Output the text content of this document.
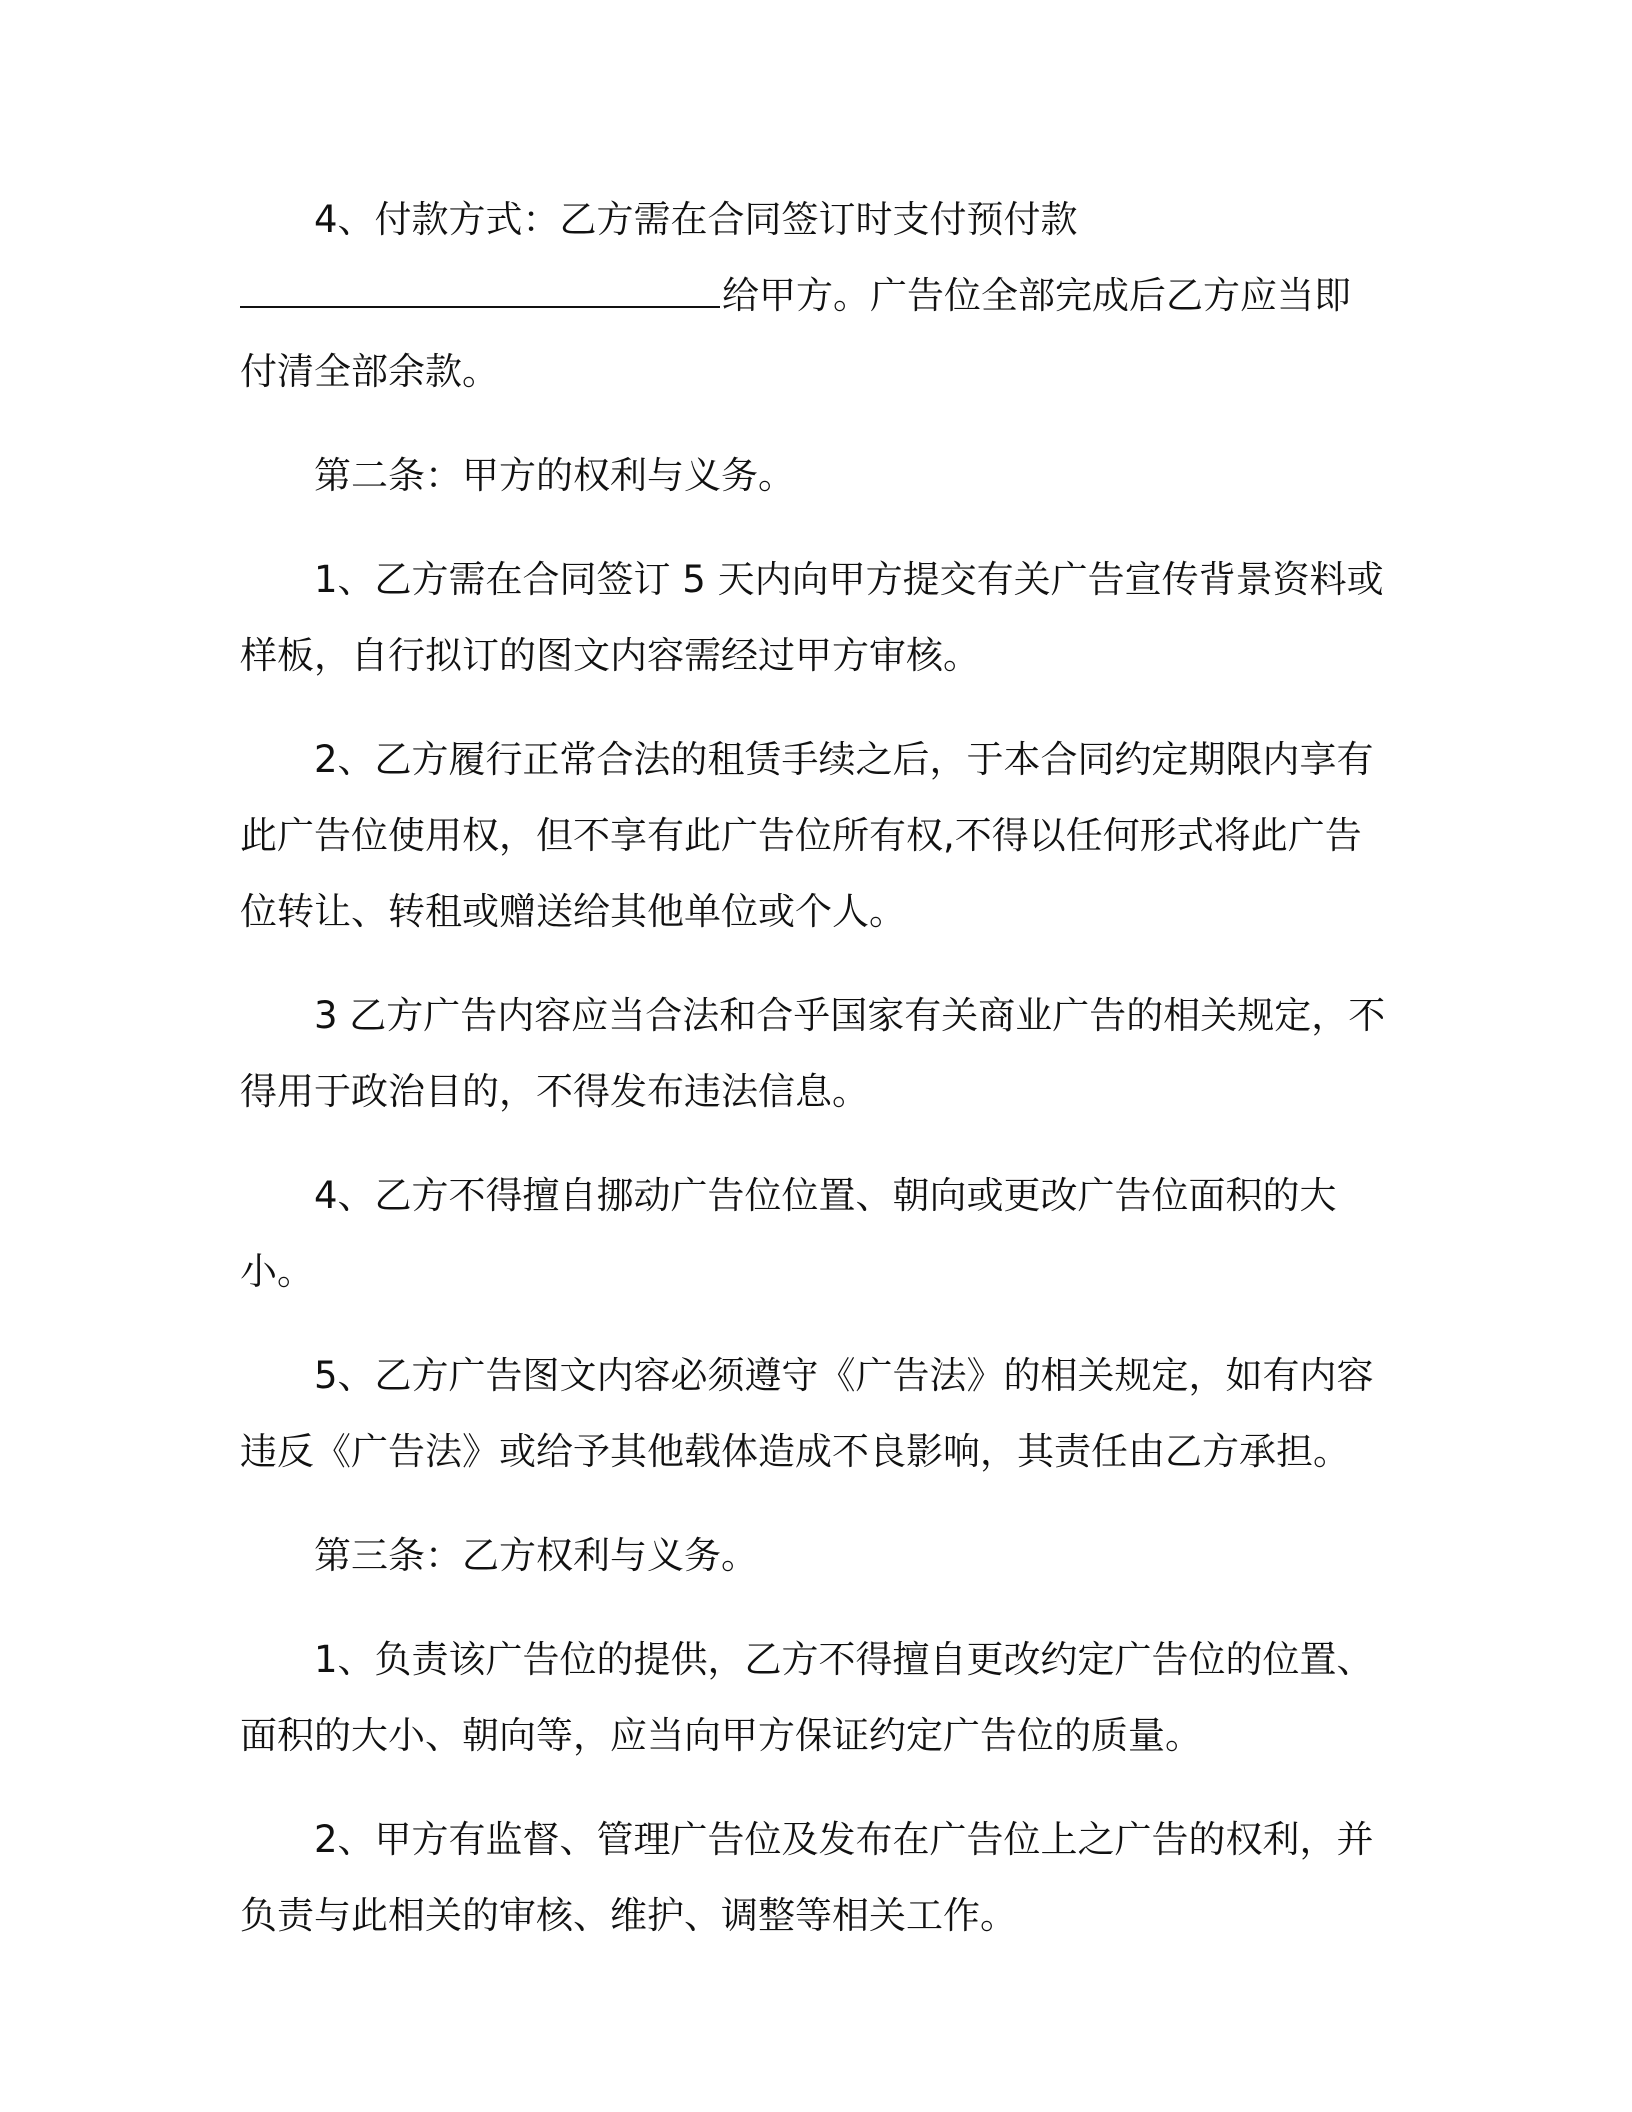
4、付款方式：乙方需在合同签订时支付预付款
给甲方。广告位全部完成后乙方应当即
付清全部余款。
第二条：甲方的权利与义务。
1、乙方需在合同签订 5 天内向甲方提交有关广告宣传背景资料或
样板，自行拟订的图文内容需经过甲方审核。
2、乙方履行正常合法的租赁手续之后，于本合同约定期限内享有
此广告位使用权，但不享有此广告位所有权,不得以任何形式将此广告
位转让、转租或赠送给其他单位或个人。
3 乙方广告内容应当合法和合乎国家有关商业广告的相关规定，不
得用于政治目的，不得发布违法信息。
4、乙方不得擅自挪动广告位位置、朝向或更改广告位面积的大小。
5、乙方广告图文内容必须遵守《广告法》的相关规定，如有内容
违反《广告法》或给予其他载体造成不良影响，其责任由乙方承担。
第三条：乙方权利与义务。
1、负责该广告位的提供，乙方不得擅自更改约定广告位的位置、
面积的大小、朝向等，应当向甲方保证约定广告位的质量。
2、甲方有监督、管理广告位及发布在广告位上之广告的权利，并
负责与此相关的审核、维护、调整等相关工作。
